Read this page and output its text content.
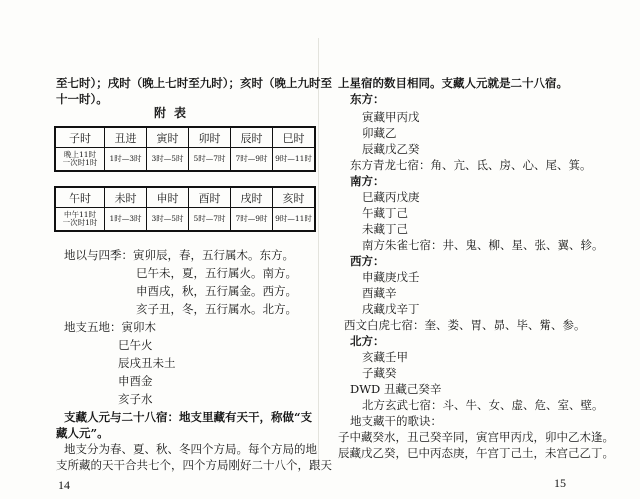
至七时）；戌时（晚上七时至九时）；亥时（晚上九时至
十一时）。
附表
子时	丑进	寅时	卯时	辰时	巳时
晚上11时
一次时1时	1时—3时	3时—5时	5时—7时	7时—9时	9时—11时
午时	未时	申时	酉时	戌时	亥时
中午11时
一次时1时	1时—3时	3时—5时	5时—7时	7时—9时	9时—11时
地以与四季：寅卯辰，春，五行属木。东方。
巳午未，夏，五行属火。南方。
申酉戌，秋，五行属金。西方。
亥子丑，冬，五行属水。北方。
地支五地：寅卯木
巳午火
辰戌丑未土
申酉金
亥子水
支藏人元与二十八宿：地支里藏有天干，称做“支
藏人元”。
地支分为春、夏、秋、冬四个方局。每个方局的地
支所藏的天干合共七个，四个方局刚好二十八个，跟天
14
上星宿的数目相同。支藏人元就是二十八宿。
东方：
寅藏甲丙戊
卯藏乙
辰藏戊乙癸
东方青龙七宿：角、亢、氐、房、心、尾、箕。
南方：
巳藏丙戊庚
午藏丁己
未藏丁己
南方朱雀七宿：井、鬼、柳、星、张、翼、轸。
西方：
申藏庚戊壬
酉藏辛
戌藏戊辛丁
西文白虎七宿：奎、娄、胃、昴、毕、觜、参。
北方：
亥藏壬甲
子藏癸
DWD 丑藏己癸辛
北方玄武七宿：斗、牛、女、虚、危、室、壁。
地支藏干的歌诀：
子中藏癸水，丑己癸辛同，寅宫甲丙戊，卯中乙木逢。
辰藏戊乙癸，巳中丙态庚，午宫丁己土，未宫己乙丁。
15
